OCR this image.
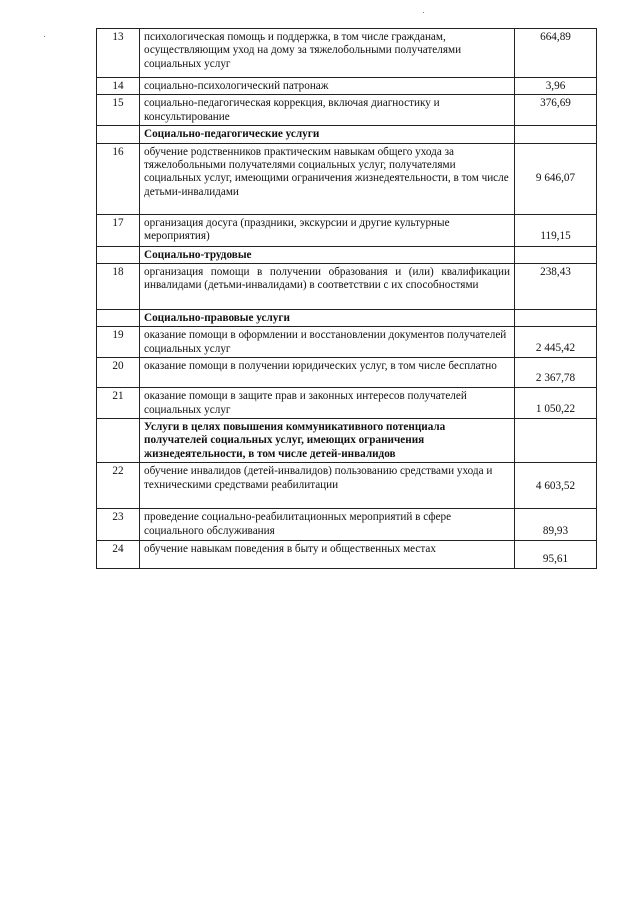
13	психологическая помощь и поддержка, в том числе гражданам, осуществляющим уход на дому за тяжелобольными получателями социальных услуг	664,89
14	социально-психологический патронаж	3,96
15	социально-педагогическая коррекция, включая диагностику и консультирование	376,69
	Социально-педагогические услуги	
16	обучение родственников практическим навыкам общего ухода за тяжелобольными получателями социальных услуг, получателями социальных услуг, имеющими ограничения жизнедеятельности, в том числе детьми-инвалидами	9 646,07
17	организация досуга (праздники, экскурсии и другие культурные мероприятия)	119,15
	Социально-трудовые	
18	организация помощи в получении образования и (или) квалификации инвалидами (детьми-инвалидами) в соответствии с их способностями	238,43
	Социально-правовые услуги	
19	оказание помощи в оформлении и восстановлении документов получателей социальных услуг	2 445,42
20	оказание помощи в получении юридических услуг, в том числе бесплатно	2 367,78
21	оказание помощи в защите прав и законных интересов получателей социальных услуг	1 050,22
	Услуги в целях повышения коммуникативного потенциала получателей социальных услуг, имеющих ограничения жизнедеятельности, в том числе детей-инвалидов	
22	обучение инвалидов (детей-инвалидов) пользованию средствами ухода и техническими средствами реабилитации	4 603,52
23	проведение социально-реабилитационных мероприятий в сфере социального обслуживания	89,93
24	обучение навыкам поведения в быту и общественных местах	95,61
